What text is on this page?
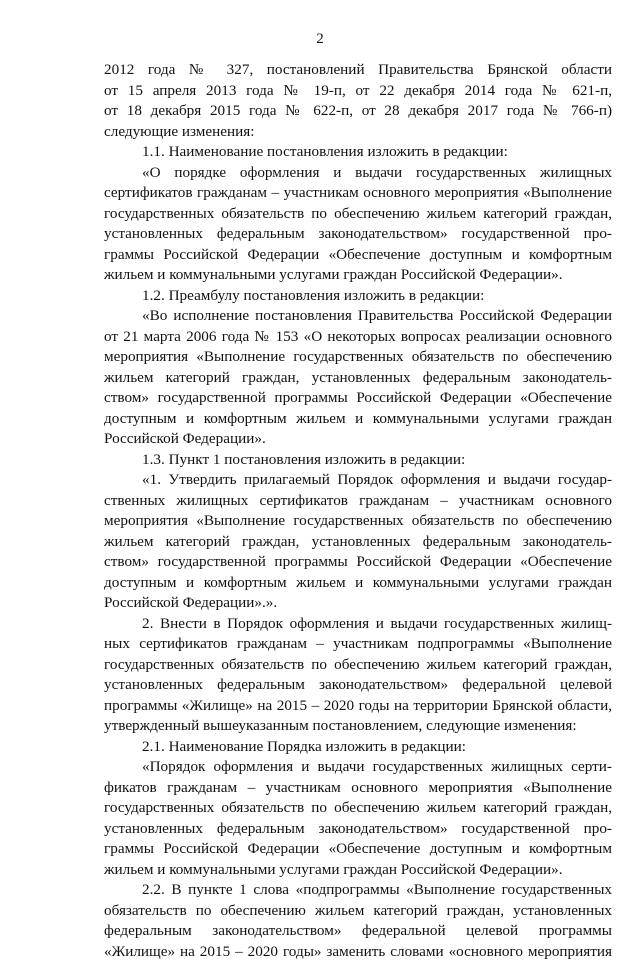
2
2012 года № 327, постановлений Правительства Брянской области
от 15 апреля 2013 года № 19-п, от 22 декабря 2014 года № 621-п,
от 18 декабря 2015 года № 622-п, от 28 декабря 2017 года № 766-п)
следующие изменения:
1.1. Наименование постановления изложить в редакции:
«О порядке оформления и выдачи государственных жилищных
сертификатов гражданам – участникам основного мероприятия «Выполнение
государственных обязательств по обеспечению жильем категорий граждан,
установленных федеральным законодательством» государственной про-
граммы Российской Федерации «Обеспечение доступным и комфортным
жильем и коммунальными услугами граждан Российской Федерации».
1.2. Преамбулу постановления изложить в редакции:
«Во исполнение постановления Правительства Российской Федерации
от 21 марта 2006 года № 153 «О некоторых вопросах реализации основного
мероприятия «Выполнение государственных обязательств по обеспечению
жильем категорий граждан, установленных федеральным законодатель-
ством» государственной программы Российской Федерации «Обеспечение
доступным и комфортным жильем и коммунальными услугами граждан
Российской Федерации».
1.3. Пункт 1 постановления изложить в редакции:
«1. Утвердить прилагаемый Порядок оформления и выдачи государ-
ственных жилищных сертификатов гражданам – участникам основного
мероприятия «Выполнение государственных обязательств по обеспечению
жильем категорий граждан, установленных федеральным законодатель-
ством» государственной программы Российской Федерации «Обеспечение
доступным и комфортным жильем и коммунальными услугами граждан
Российской Федерации».».
2. Внести в Порядок оформления и выдачи государственных жилищ-
ных сертификатов гражданам – участникам подпрограммы «Выполнение
государственных обязательств по обеспечению жильем категорий граждан,
установленных федеральным законодательством» федеральной целевой
программы «Жилище» на 2015 – 2020 годы на территории Брянской области,
утвержденный вышеуказанным постановлением, следующие изменения:
2.1. Наименование Порядка изложить в редакции:
«Порядок оформления и выдачи государственных жилищных серти-
фикатов гражданам – участникам основного мероприятия «Выполнение
государственных обязательств по обеспечению жильем категорий граждан,
установленных федеральным законодательством» государственной про-
граммы Российской Федерации «Обеспечение доступным и комфортным
жильем и коммунальными услугами граждан Российской Федерации».
2.2. В пункте 1 слова «подпрограммы «Выполнение государственных
обязательств по обеспечению жильем категорий граждан, установленных
федеральным законодательством» федеральной целевой программы
«Жилище» на 2015 – 2020 годы» заменить словами «основного мероприятия
